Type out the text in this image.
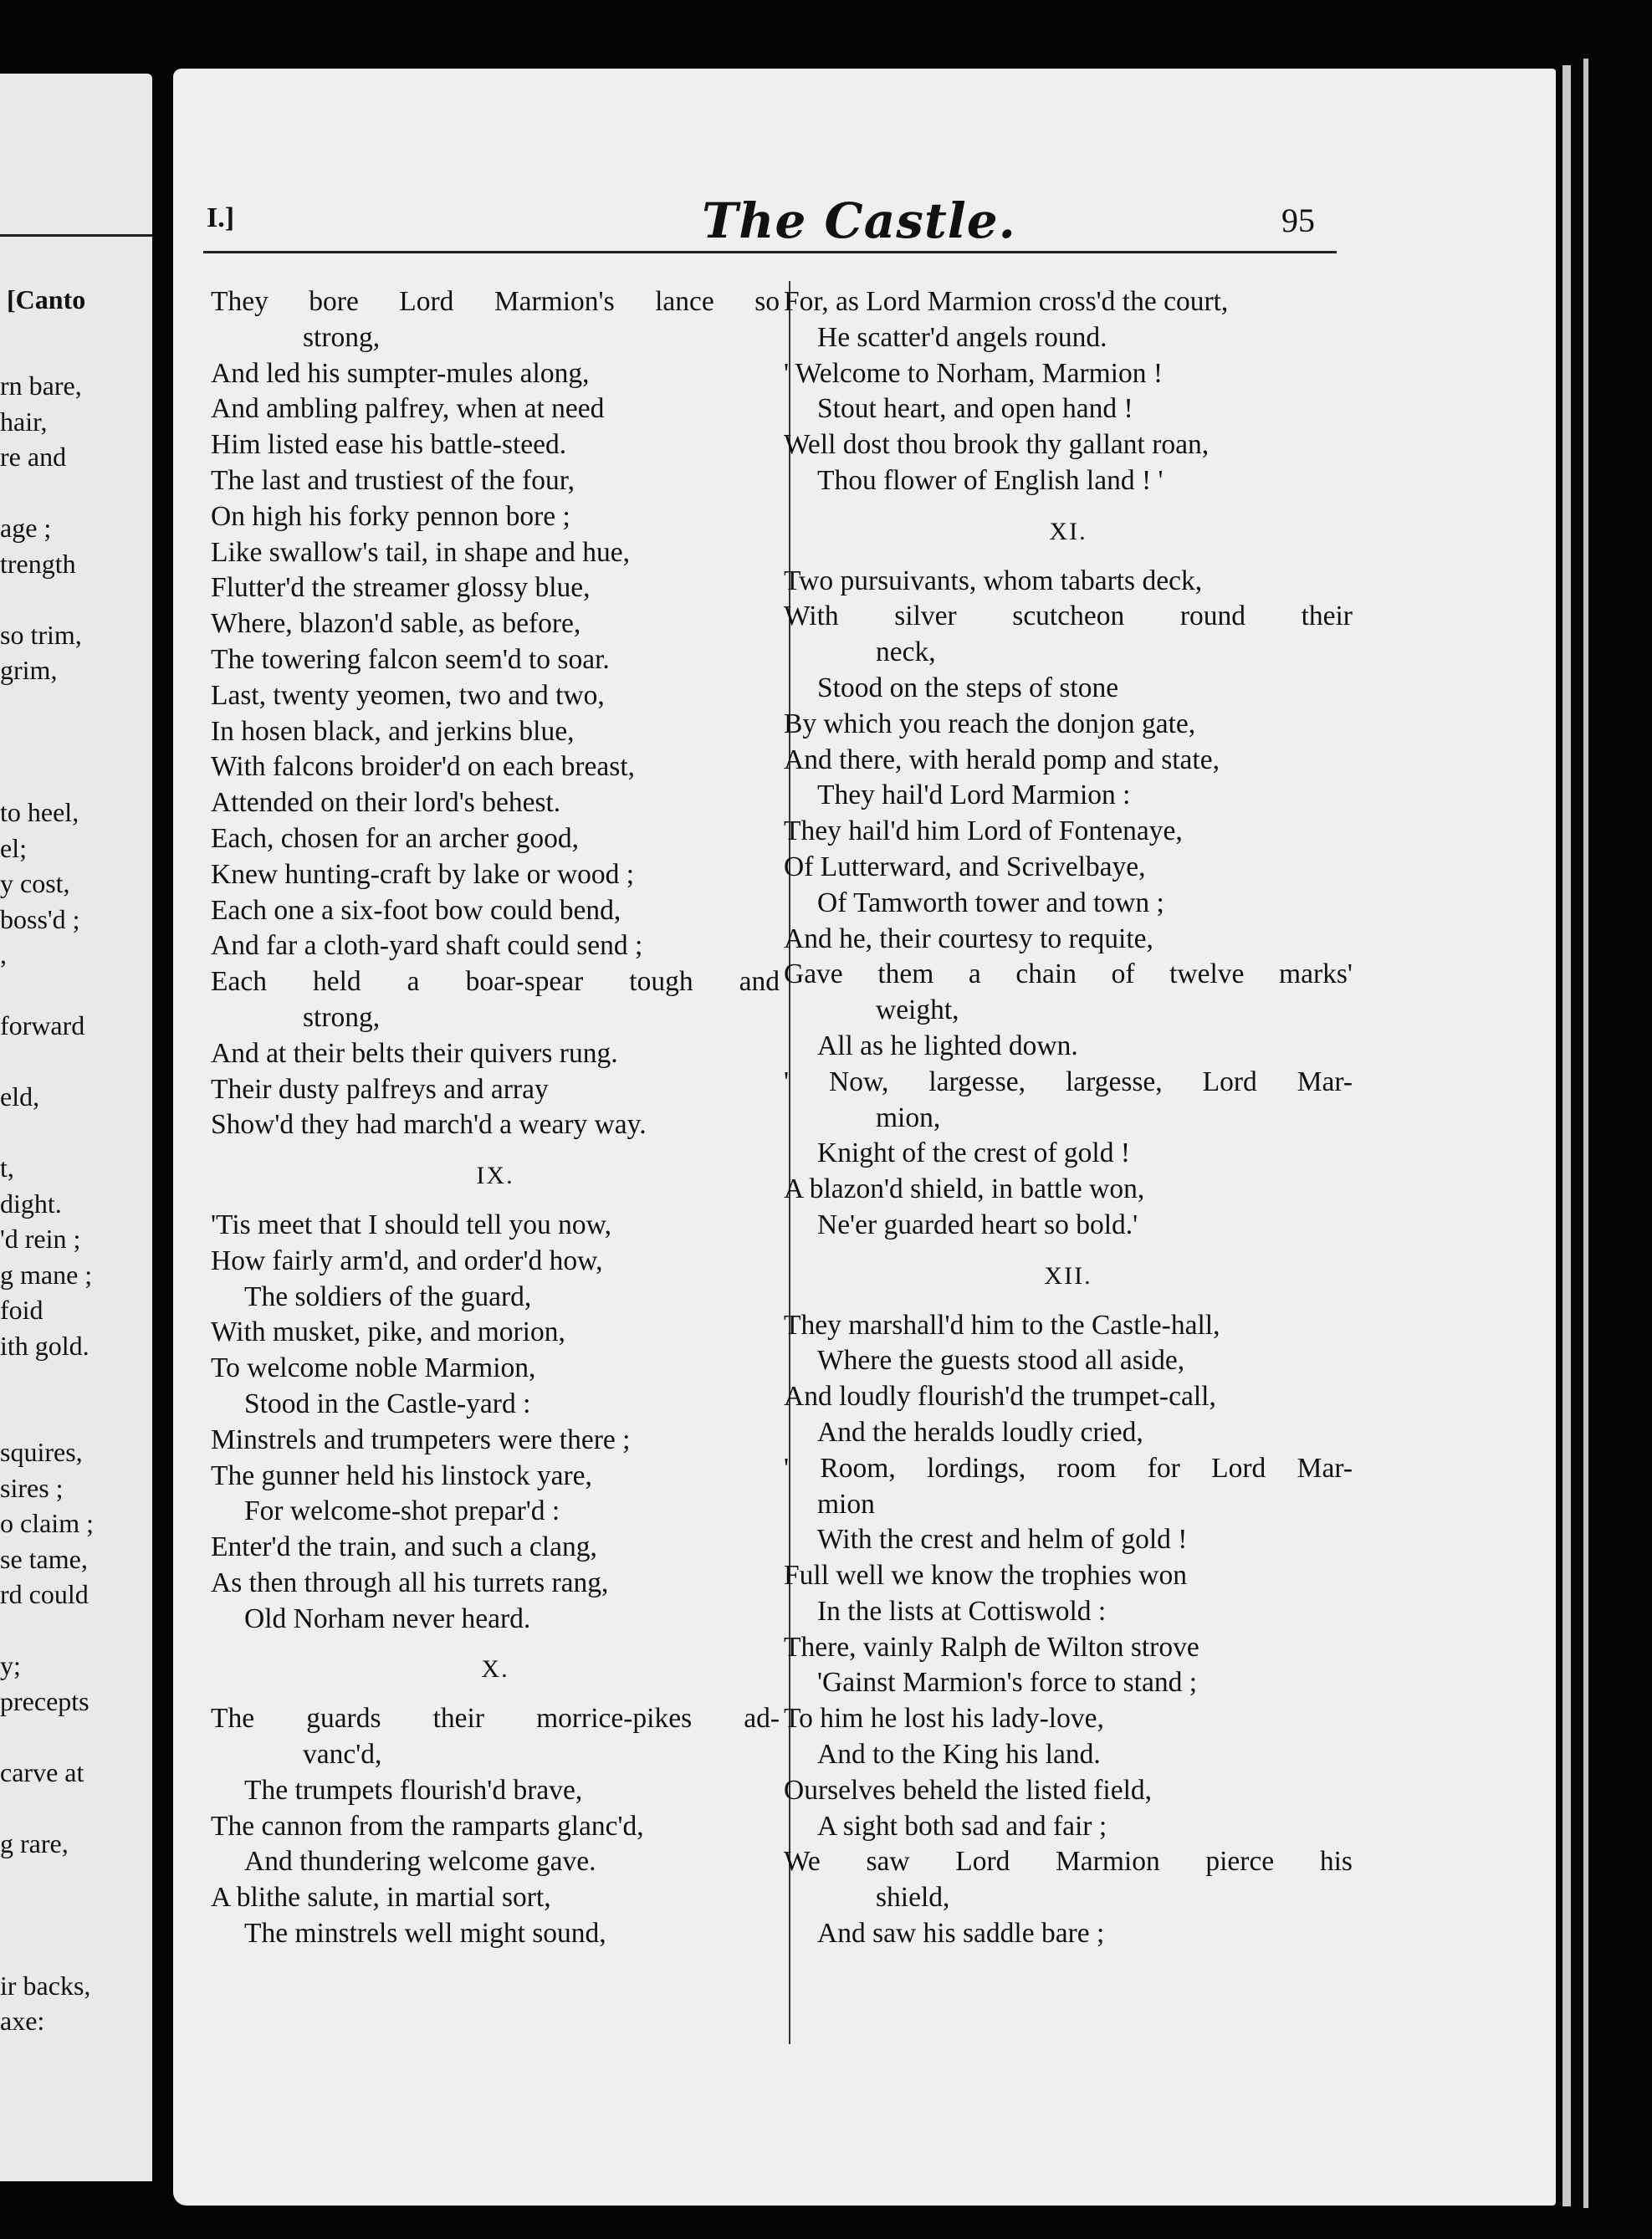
[Canto
rn bare,
hair,
re and
age ;
trength
so trim,
grim,
to heel,
el;
y cost,
boss'd ;
,
forward
eld,
t,
dight.
'd rein ;
g mane ;
foid
ith gold.
squires,
sires ;
o claim ;
se tame,
rd could
y;
precepts
carve at
g rare,
ir backs,
axe:
I.]	The Castle.	95
They bore Lord Marmion's lance so
strong,
And led his sumpter-mules along,
And ambling palfrey, when at need
Him listed ease his battle-steed.
The last and trustiest of the four,
On high his forky pennon bore ;
Like swallow's tail, in shape and hue,
Flutter'd the streamer glossy blue,
Where, blazon'd sable, as before,
The towering falcon seem'd to soar.
Last, twenty yeomen, two and two,
In hosen black, and jerkins blue,
With falcons broider'd on each breast,
Attended on their lord's behest.
Each, chosen for an archer good,
Knew hunting-craft by lake or wood ;
Each one a six-foot bow could bend,
And far a cloth-yard shaft could send ;
Each held a boar-spear tough and
strong,
And at their belts their quivers rung.
Their dusty palfreys and array
Show'd they had march'd a weary way.
IX.
'Tis meet that I should tell you now,
How fairly arm'd, and order'd how,
The soldiers of the guard,
With musket, pike, and morion,
To welcome noble Marmion,
Stood in the Castle-yard :
Minstrels and trumpeters were there ;
The gunner held his linstock yare,
For welcome-shot prepar'd :
Enter'd the train, and such a clang,
As then through all his turrets rang,
Old Norham never heard.
X.
The guards their morrice-pikes ad-
vanc'd,
The trumpets flourish'd brave,
The cannon from the ramparts glanc'd,
And thundering welcome gave.
A blithe salute, in martial sort,
The minstrels well might sound,
For, as Lord Marmion cross'd the court,
He scatter'd angels round.
' Welcome to Norham, Marmion !
Stout heart, and open hand !
Well dost thou brook thy gallant roan,
Thou flower of English land ! '
XI.
Two pursuivants, whom tabarts deck,
With silver scutcheon round their
neck,
Stood on the steps of stone
By which you reach the donjon gate,
And there, with herald pomp and state,
They hail'd Lord Marmion :
They hail'd him Lord of Fontenaye,
Of Lutterward, and Scrivelbaye,
Of Tamworth tower and town ;
And he, their courtesy to requite,
Gave them a chain of twelve marks'
weight,
All as he lighted down.
' Now, largesse, largesse, Lord Mar-
mion,
Knight of the crest of gold !
A blazon'd shield, in battle won,
Ne'er guarded heart so bold.'
XII.
They marshall'd him to the Castle-hall,
Where the guests stood all aside,
And loudly flourish'd the trumpet-call,
And the heralds loudly cried,
' Room, lordings, room for Lord Mar-
mion
With the crest and helm of gold !
Full well we know the trophies won
In the lists at Cottiswold :
There, vainly Ralph de Wilton strove
'Gainst Marmion's force to stand ;
To him he lost his lady-love,
And to the King his land.
Ourselves beheld the listed field,
A sight both sad and fair ;
We saw Lord Marmion pierce his
shield,
And saw his saddle bare ;
